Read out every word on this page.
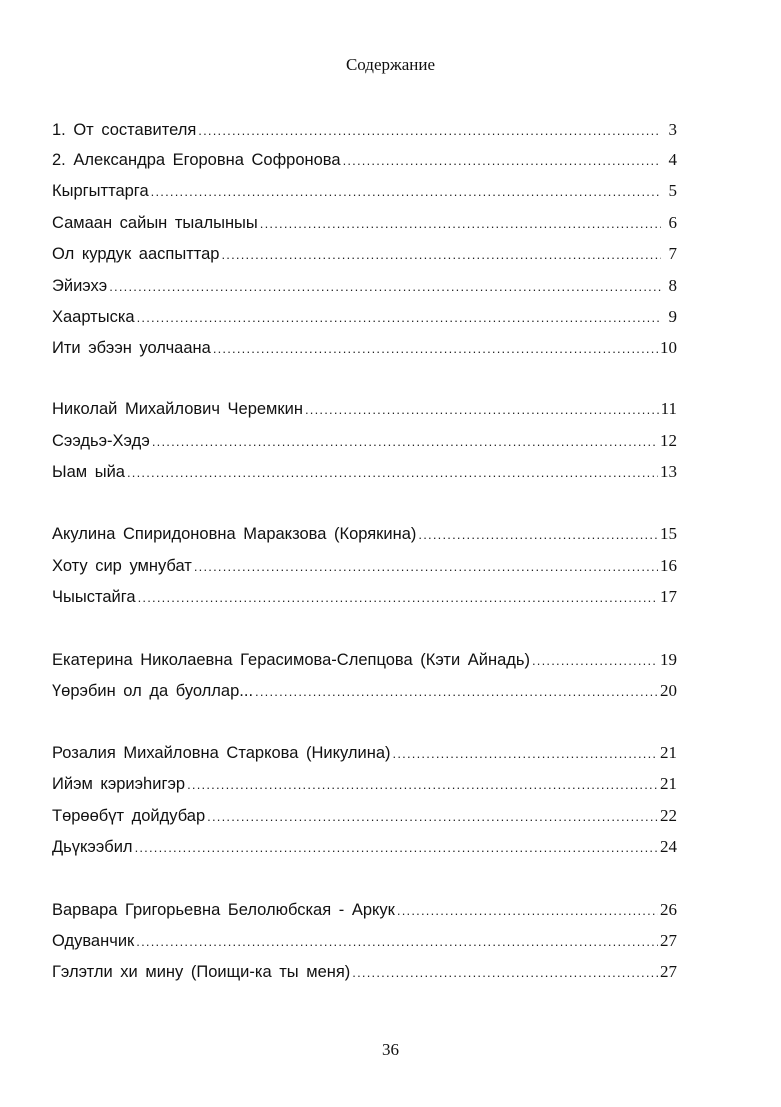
Содержание
1. От составителя .....	3
2. Александра Егоровна Софронова .....	4
Кыргыттарга .....	5
Самаан сайын тыалыныы .....	6
Ол курдук ааспыттар .....	7
Эйиэхэ .....	8
Хаартыска .....	9
Ити эбээн уолчаана .....	10
Николай Михайлович Черемкин .....	11
Сээдьэ-Хэдэ .....	12
Ыам ыйа .....	13
Акулина Спиридоновна Маракзова (Корякина) .....	15
Хоту сир умнубат .....	16
Чыыстайга .....	17
Екатерина Николаевна Герасимова-Слепцова (Кэти Айнадь) .....	19
Үөрэбин ол да буоллар... .....	20
Розалия Михайловна Старкова (Никулина) .....	21
Ийэм кэриэһигэр .....	21
Төрөөбүт дойдубар .....	22
Дьүкээбил .....	24
Варвара Григорьевна Белолюбская - Аркук .....	26
Одуванчик .....	27
Гэлэтли хи мину (Поищи-ка ты меня) .....	27
36
